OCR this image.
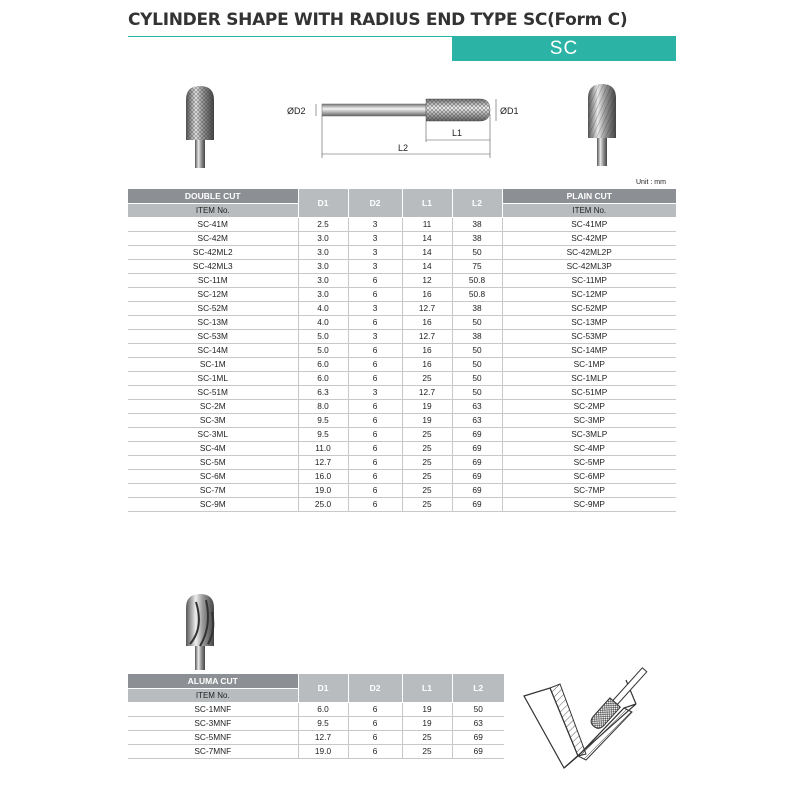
CYLINDER SHAPE WITH RADIUS END TYPE SC(Form C)
SC
ØD2	ØD1
L1
L2
Unit : mm
DOUBLE CUT	D1	D2	L1	L2	PLAIN CUT
ITEM No.					ITEM No.
SC-41M	2.5	3	11	38	SC-41MP
SC-42M	3.0	3	14	38	SC-42MP
SC-42ML2	3.0	3	14	50	SC-42ML2P
SC-42ML3	3.0	3	14	75	SC-42ML3P
SC-11M	3.0	6	12	50.8	SC-11MP
SC-12M	3.0	6	16	50.8	SC-12MP
SC-52M	4.0	3	12.7	38	SC-52MP
SC-13M	4.0	6	16	50	SC-13MP
SC-53M	5.0	3	12.7	38	SC-53MP
SC-14M	5.0	6	16	50	SC-14MP
SC-1M	6.0	6	16	50	SC-1MP
SC-1ML	6.0	6	25	50	SC-1MLP
SC-51M	6.3	3	12.7	50	SC-51MP
SC-2M	8.0	6	19	63	SC-2MP
SC-3M	9.5	6	19	63	SC-3MP
SC-3ML	9.5	6	25	69	SC-3MLP
SC-4M	11.0	6	25	69	SC-4MP
SC-5M	12.7	6	25	69	SC-5MP
SC-6M	16.0	6	25	69	SC-6MP
SC-7M	19.0	6	25	69	SC-7MP
SC-9M	25.0	6	25	69	SC-9MP
ALUMA CUT	D1	D2	L1	L2
ITEM No.				
SC-1MNF	6.0	6	19	50
SC-3MNF	9.5	6	19	63
SC-5MNF	12.7	6	25	69
SC-7MNF	19.0	6	25	69
